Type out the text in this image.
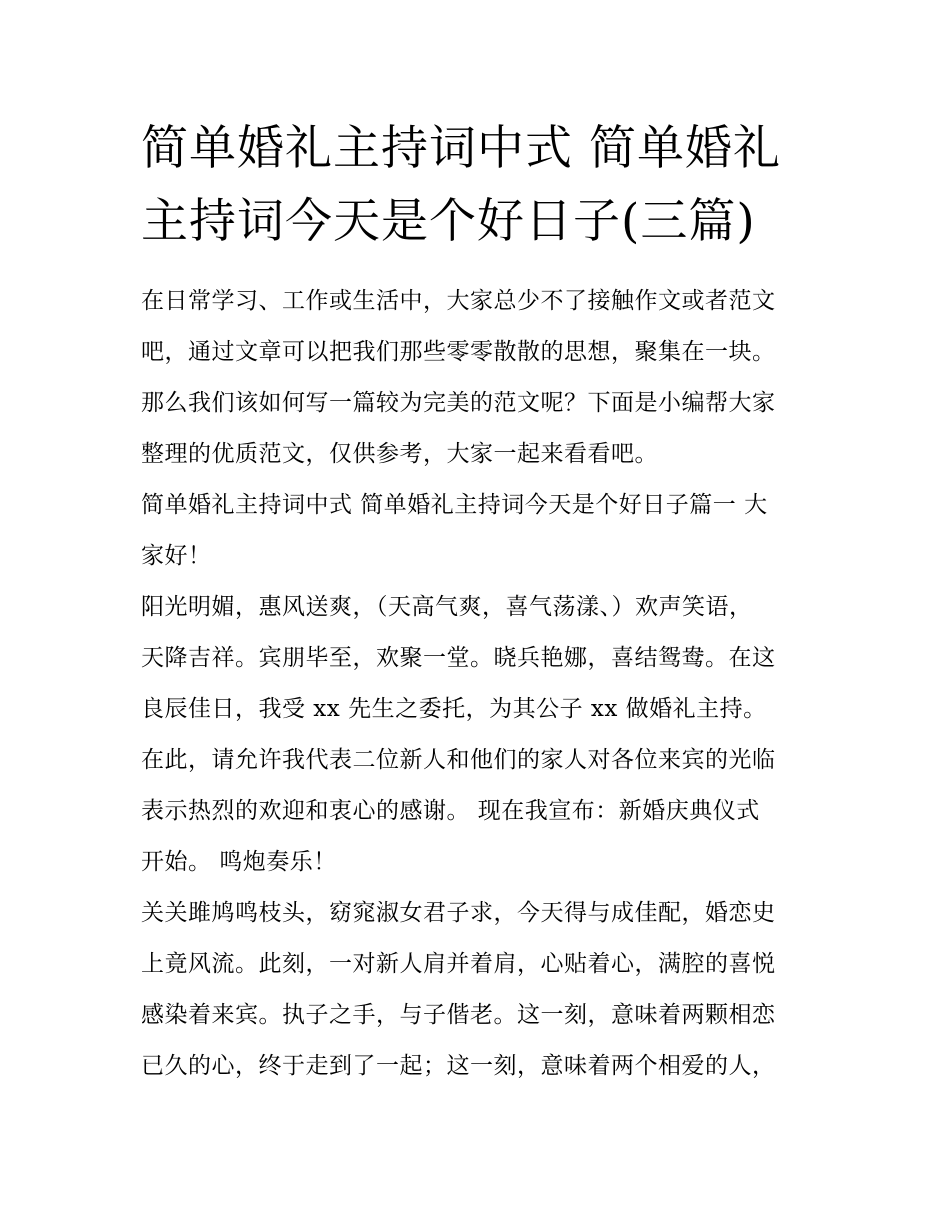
简单婚礼主持词中式 简单婚礼
主持词今天是个好日子(三篇)
在日常学习、工作或生活中，大家总少不了接触作文或者范文
吧，通过文章可以把我们那些零零散散的思想，聚集在一块。
那么我们该如何写一篇较为完美的范文呢？下面是小编帮大家
整理的优质范文，仅供参考，大家一起来看看吧。
简单婚礼主持词中式 简单婚礼主持词今天是个好日子篇一 大
家好！
阳光明媚，惠风送爽，（天高气爽，喜气荡漾、）欢声笑语，
天降吉祥。宾朋毕至，欢聚一堂。晓兵艳娜，喜结鸳鸯。在这
良辰佳日，我受 xx 先生之委托，为其公子 xx 做婚礼主持。
在此，请允许我代表二位新人和他们的家人对各位来宾的光临
表示热烈的欢迎和衷心的感谢。 现在我宣布：新婚庆典仪式
开始。 鸣炮奏乐！
关关雎鸠鸣枝头，窈窕淑女君子求，今天得与成佳配，婚恋史
上竟风流。此刻，一对新人肩并着肩，心贴着心，满腔的喜悦
感染着来宾。执子之手，与子偕老。这一刻，意味着两颗相恋
已久的心，终于走到了一起；这一刻，意味着两个相爱的人，
